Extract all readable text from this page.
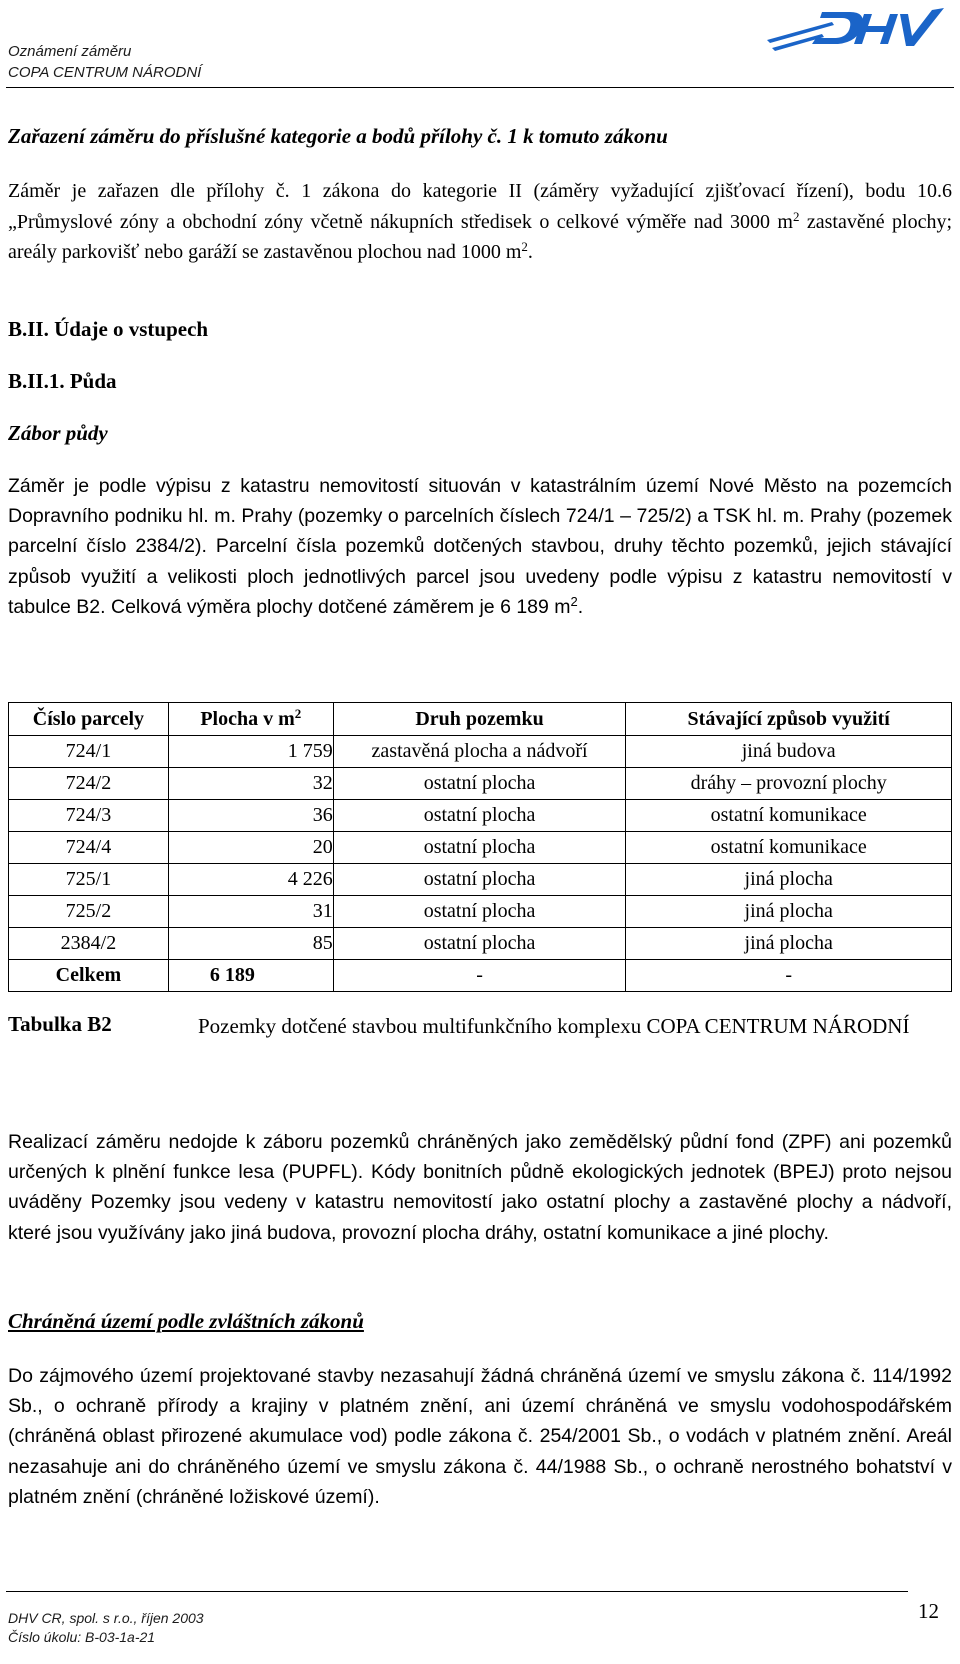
Oznámení záměru
COPA CENTRUM NÁRODNÍ
Zařazení záměru do příslušné kategorie a bodů přílohy č. 1 k tomuto zákonu
Záměr je zařazen dle přílohy č. 1 zákona do kategorie II (záměry vyžadující zjišťovací řízení), bodu 10.6 „Průmyslové zóny a obchodní zóny včetně nákupních středisek o celkové výměře nad 3000 $m^2$ zastavěné plochy; areály parkovišť nebo garáží se zastavěnou plochou nad 1000 $m^2$.
B.II. Údaje o vstupech
B.II.1. Půda
Zábor půdy
Záměr je podle výpisu z katastru nemovitostí situován v katastrálním území Nové Město na pozemcích Dopravního podniku hl. m. Prahy (pozemky o parcelních číslech 724/1 – 725/2) a TSK hl. m. Prahy (pozemek parcelní číslo 2384/2). Parcelní čísla pozemků dotčených stavbou, druhy těchto pozemků, jejich stávající způsob využití a velikosti ploch jednotlivých parcel jsou uvedeny podle výpisu z katastru nemovitostí v tabulce B2. Celková výměra plochy dotčené záměrem je 6 189 $m^2$.
Číslo parcely	Plocha v $m^2$	Druh pozemku	Stávající způsob využití
724/1	1 759	zastavěná plocha a nádvoří	jiná budova
724/2	32	ostatní plocha	dráhy – provozní plochy
724/3	36	ostatní plocha	ostatní komunikace
724/4	20	ostatní plocha	ostatní komunikace
725/1	4 226	ostatní plocha	jiná plocha
725/2	31	ostatní plocha	jiná plocha
2384/2	85	ostatní plocha	jiná plocha
Celkem	6 189	-	-
Tabulka B2	Pozemky dotčené stavbou multifunkčního komplexu COPA CENTRUM NÁRODNÍ
Realizací záměru nedojde k záboru pozemků chráněných jako zemědělský půdní fond (ZPF) ani pozemků určených k plnění funkce lesa (PUPFL). Kódy bonitních půdně ekologických jednotek (BPEJ) proto nejsou uváděny Pozemky jsou vedeny v katastru nemovitostí jako ostatní plochy a zastavěné plochy a nádvoří, které jsou využívány jako jiná budova, provozní plocha dráhy, ostatní komunikace a jiné plochy.
Chráněná území podle zvláštních zákonů
Do zájmového území projektované stavby nezasahují žádná chráněná území ve smyslu zákona č. 114/1992 Sb., o ochraně přírody a krajiny v platném znění, ani území chráněná ve smyslu vodohospodářském (chráněná oblast přirozené akumulace vod) podle zákona č. 254/2001 Sb., o vodách v platném znění. Areál nezasahuje ani do chráněného území ve smyslu zákona č. 44/1988 Sb., o ochraně nerostného bohatství v platném znění (chráněné ložiskové území).
DHV CR, spol. s r.o., říjen 2003
Číslo úkolu: B-03-1a-21
12
